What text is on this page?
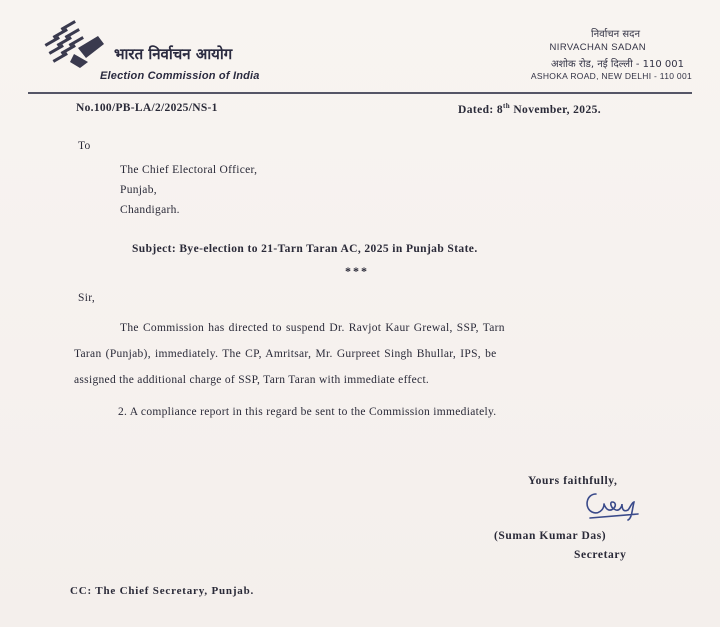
भारत निर्वाचन आयोग
Election Commission of India
निर्वाचन सदन
NIRVACHAN SADAN
अशोक रोड, नई दिल्ली - 110 001
ASHOKA ROAD, NEW DELHI - 110 001
No.100/PB-LA/2/2025/NS-1	Dated: 8th November, 2025.
To
The Chief Electoral Officer,
Punjab,
Chandigarh.
Subject: Bye-election to 21-Tarn Taran AC, 2025 in Punjab State.
***
Sir,
The Commission has directed to suspend Dr. Ravjot Kaur Grewal, SSP, Tarn
Taran (Punjab), immediately. The CP, Amritsar, Mr. Gurpreet Singh Bhullar, IPS, be
assigned the additional charge of SSP, Tarn Taran with immediate effect.
2. A compliance report in this regard be sent to the Commission immediately.
Yours faithfully,
(Suman Kumar Das)
Secretary
CC: The Chief Secretary, Punjab.
